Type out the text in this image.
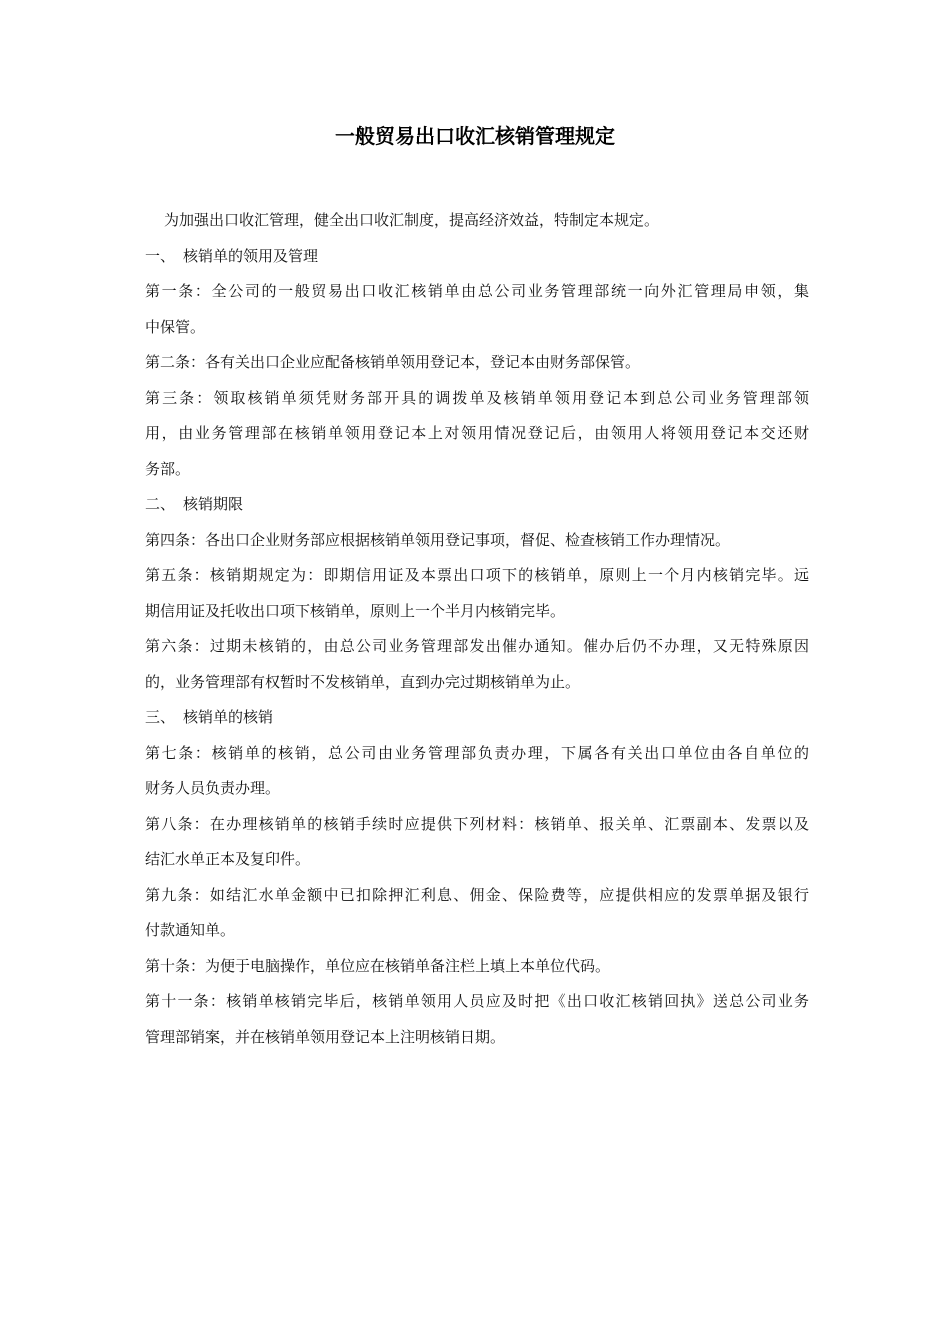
一般贸易出口收汇核销管理规定

为加强出口收汇管理，健全出口收汇制度，提高经济效益，特制定本规定。

一、 核销单的领用及管理

第一条：全公司的一般贸易出口收汇核销单由总公司业务管理部统一向外汇管理局申领，集

中保管。

第二条：各有关出口企业应配备核销单领用登记本，登记本由财务部保管。

第三条：领取核销单须凭财务部开具的调拨单及核销单领用登记本到总公司业务管理部领

用，由业务管理部在核销单领用登记本上对领用情况登记后，由领用人将领用登记本交还财

务部。

二、 核销期限

第四条：各出口企业财务部应根据核销单领用登记事项，督促、检查核销工作办理情况。

第五条：核销期规定为：即期信用证及本票出口项下的核销单，原则上一个月内核销完毕。远

期信用证及托收出口项下核销单，原则上一个半月内核销完毕。

第六条：过期未核销的，由总公司业务管理部发出催办通知。催办后仍不办理，又无特殊原因

的，业务管理部有权暂时不发核销单，直到办完过期核销单为止。

三、 核销单的核销

第七条：核销单的核销，总公司由业务管理部负责办理，下属各有关出口单位由各自单位的

财务人员负责办理。

第八条：在办理核销单的核销手续时应提供下列材料：核销单、报关单、汇票副本、发票以及

结汇水单正本及复印件。

第九条：如结汇水单金额中已扣除押汇利息、佣金、保险费等，应提供相应的发票单据及银行

付款通知单。

第十条：为便于电脑操作，单位应在核销单备注栏上填上本单位代码。

第十一条：核销单核销完毕后，核销单领用人员应及时把《出口收汇核销回执》送总公司业务

管理部销案，并在核销单领用登记本上注明核销日期。
